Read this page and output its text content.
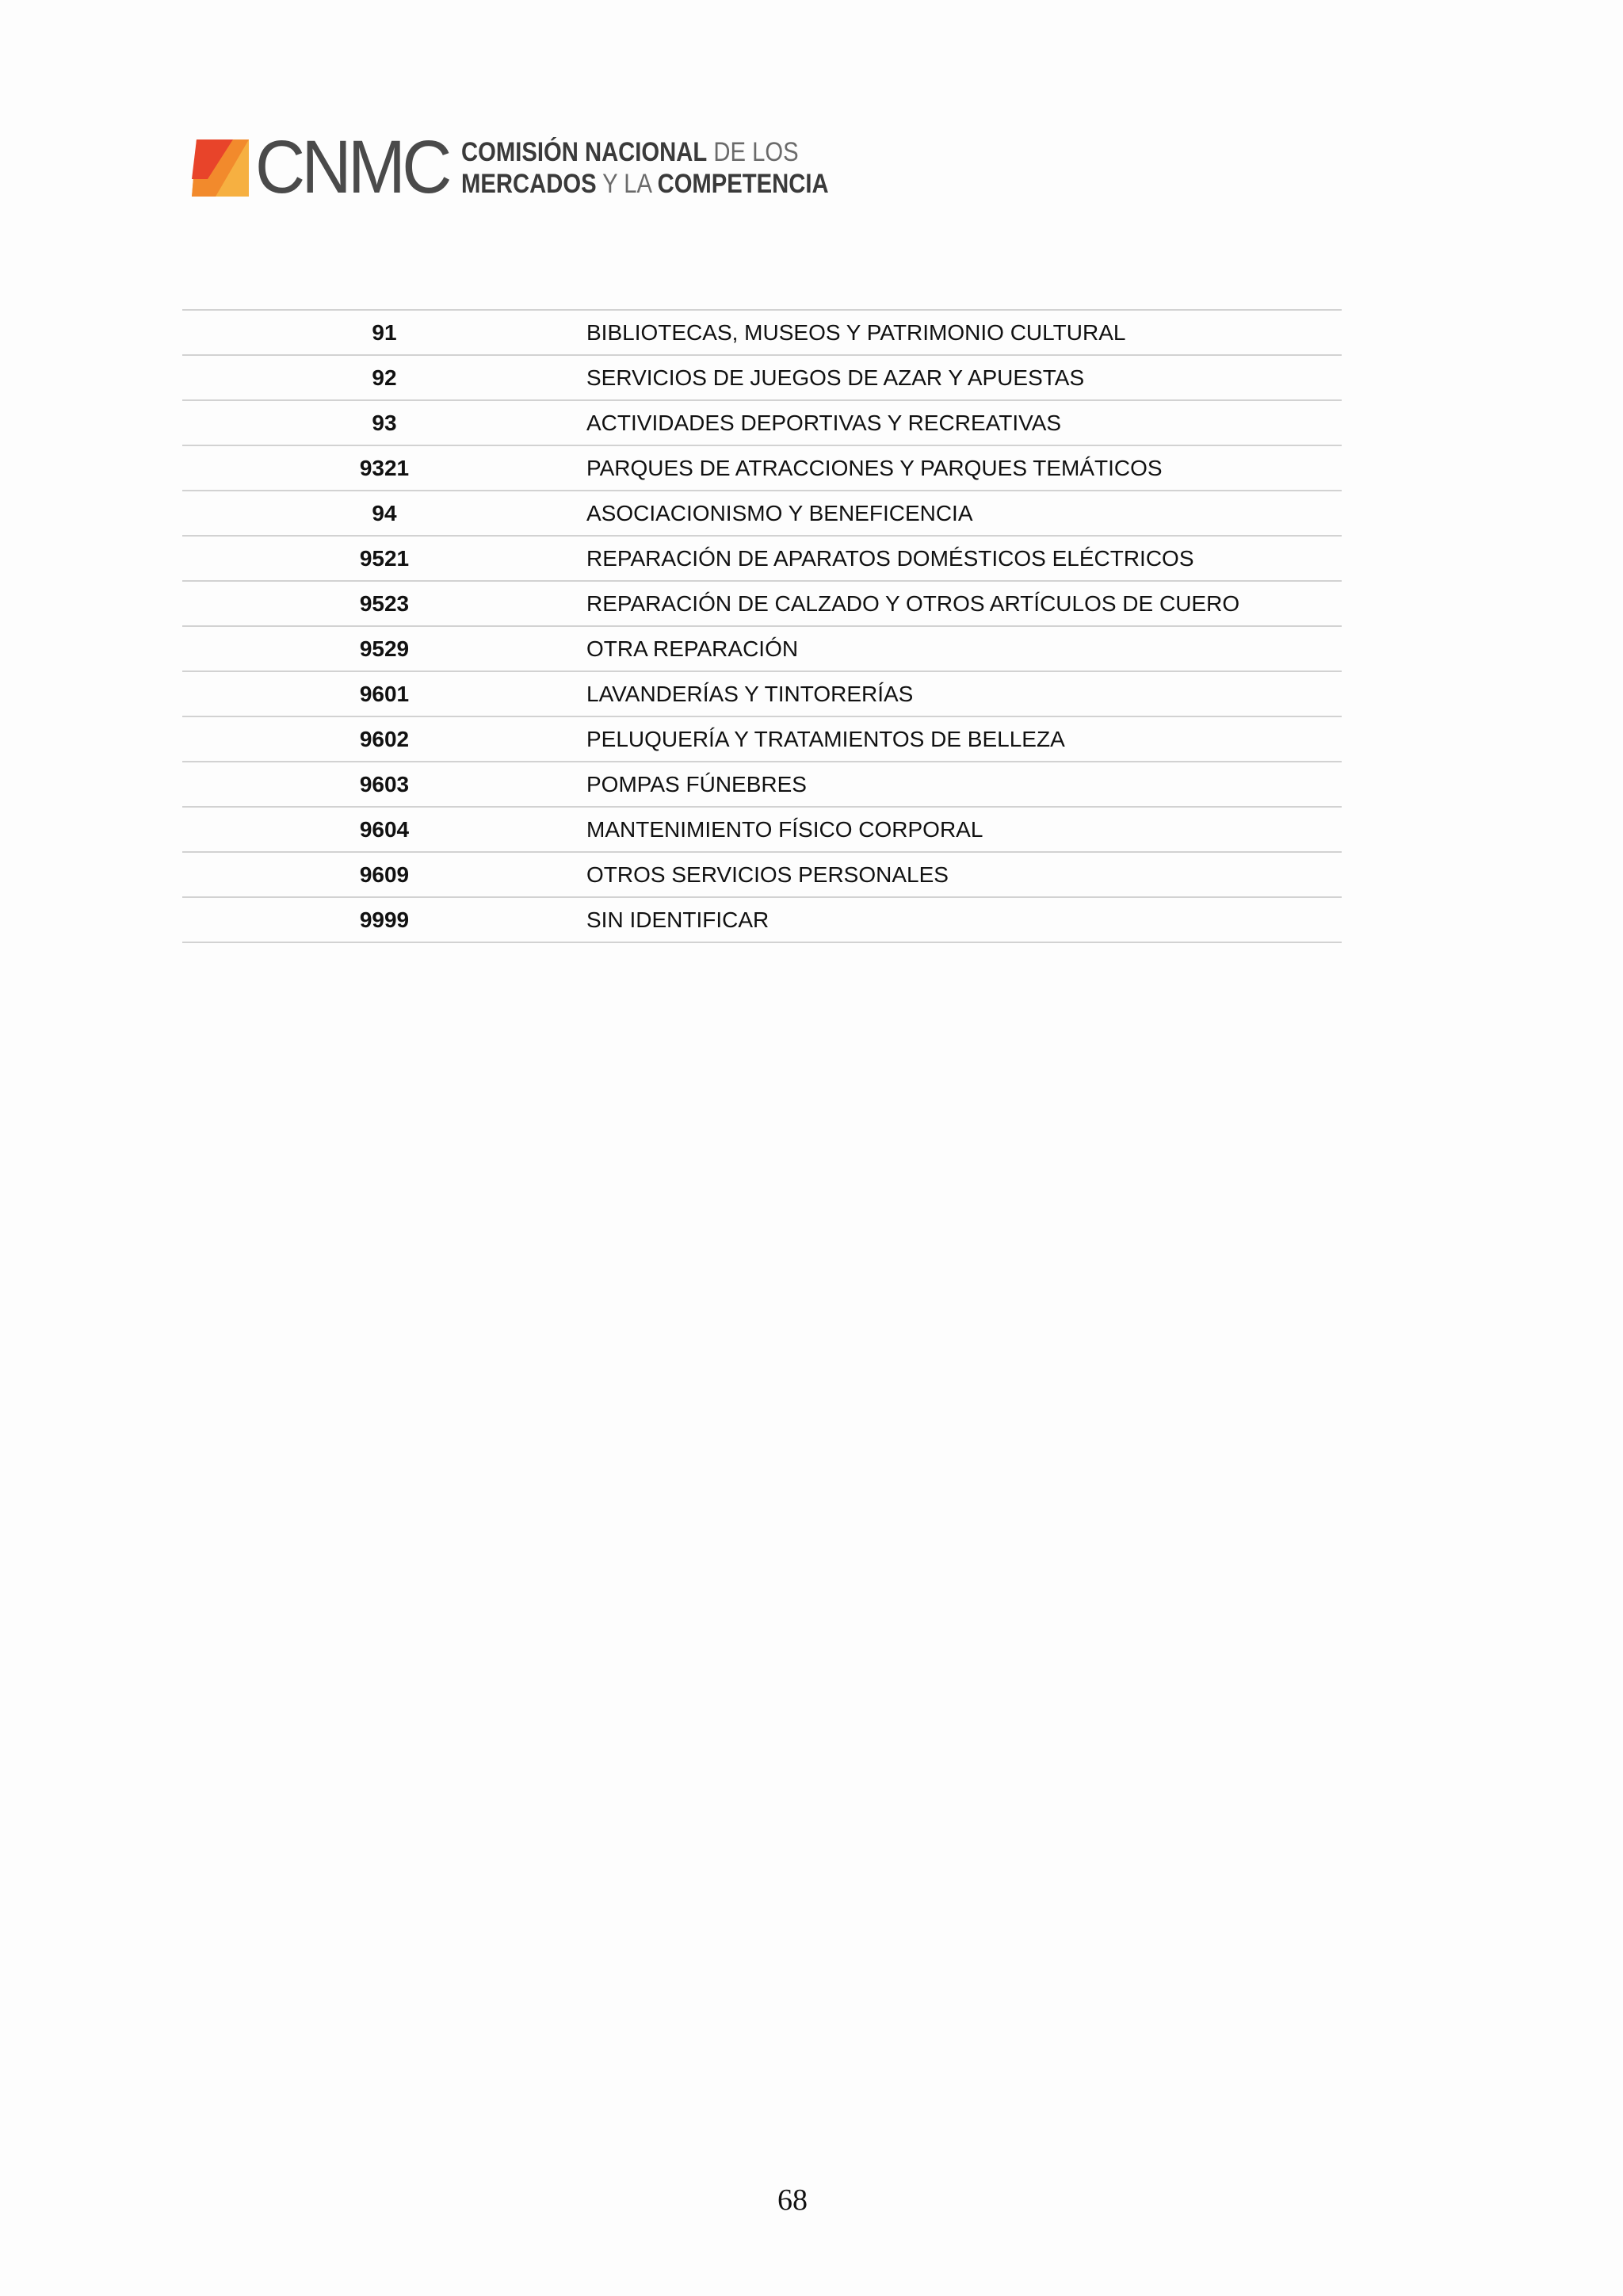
CNMC COMISIÓN NACIONAL DE LOS
MERCADOS Y LA COMPETENCIA
91	BIBLIOTECAS, MUSEOS Y PATRIMONIO CULTURAL
92	SERVICIOS DE JUEGOS DE AZAR Y APUESTAS
93	ACTIVIDADES DEPORTIVAS Y RECREATIVAS
9321	PARQUES DE ATRACCIONES Y PARQUES TEMÁTICOS
94	ASOCIACIONISMO Y BENEFICENCIA
9521	REPARACIÓN DE APARATOS DOMÉSTICOS ELÉCTRICOS
9523	REPARACIÓN DE CALZADO Y OTROS ARTÍCULOS DE CUERO
9529	OTRA REPARACIÓN
9601	LAVANDERÍAS Y TINTORERÍAS
9602	PELUQUERÍA Y TRATAMIENTOS DE BELLEZA
9603	POMPAS FÚNEBRES
9604	MANTENIMIENTO FÍSICO CORPORAL
9609	OTROS SERVICIOS PERSONALES
9999	SIN IDENTIFICAR
68
